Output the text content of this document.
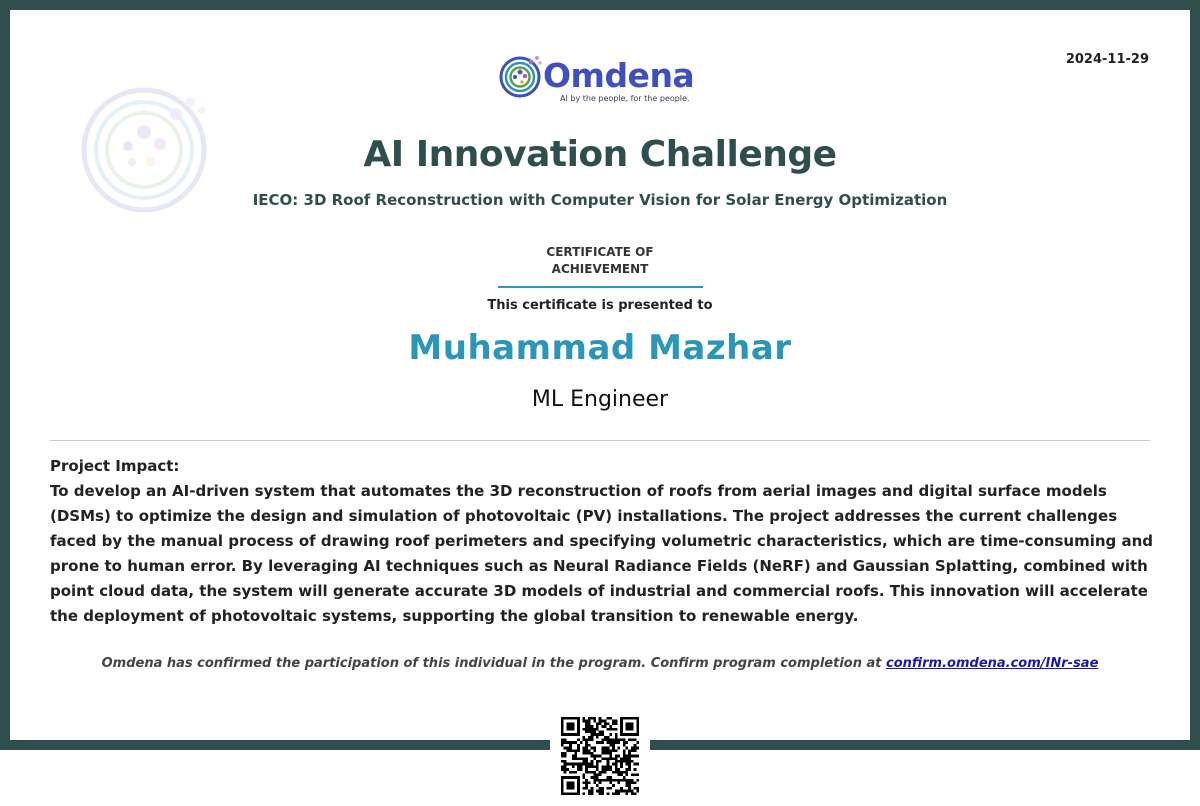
Omdena
AI by the people, for the people.
2024-11-29
AI Innovation Challenge
IECO: 3D Roof Reconstruction with Computer Vision for Solar Energy Optimization
CERTIFICATE OF
ACHIEVEMENT
This certificate is presented to
Muhammad Mazhar
ML Engineer
Project Impact:
To develop an AI-driven system that automates the 3D reconstruction of roofs from aerial images and digital surface models (DSMs) to optimize the design and simulation of photovoltaic (PV) installations. The project addresses the current challenges faced by the manual process of drawing roof perimeters and specifying volumetric characteristics, which are time-consuming and prone to human error. By leveraging AI techniques such as Neural Radiance Fields (NeRF) and Gaussian Splatting, combined with point cloud data, the system will generate accurate 3D models of industrial and commercial roofs. This innovation will accelerate the deployment of photovoltaic systems, supporting the global transition to renewable energy.
Omdena has confirmed the participation of this individual in the program. Confirm program completion at confirm.omdena.com/INr-sae
